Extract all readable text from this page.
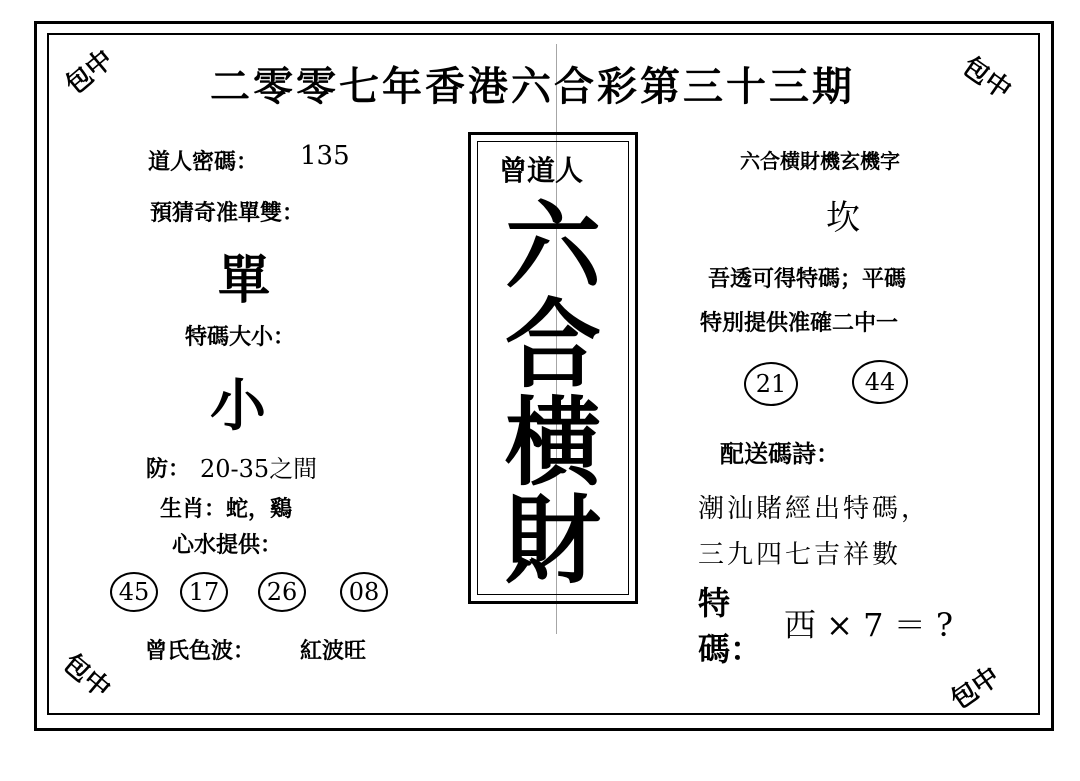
包中	包中
包中	包中
二零零七年香港六合彩第三十三期
道人密碼： 135
預猜奇准單雙：
單
特碼大小：
小
防： 20-35之間
生肖：蛇，鷄
心水提供：
45	17	26	08
曾氏色波： 紅波旺
曾道人
六
合
横
財
六合横財機玄機字
坎
吾透可得特碼；平碼
特別提供准確二中一
21	44
配送碼詩：
潮汕賭經出特碼，
三九四七吉祥數
特
碼：
西 × 7 ＝ ?
